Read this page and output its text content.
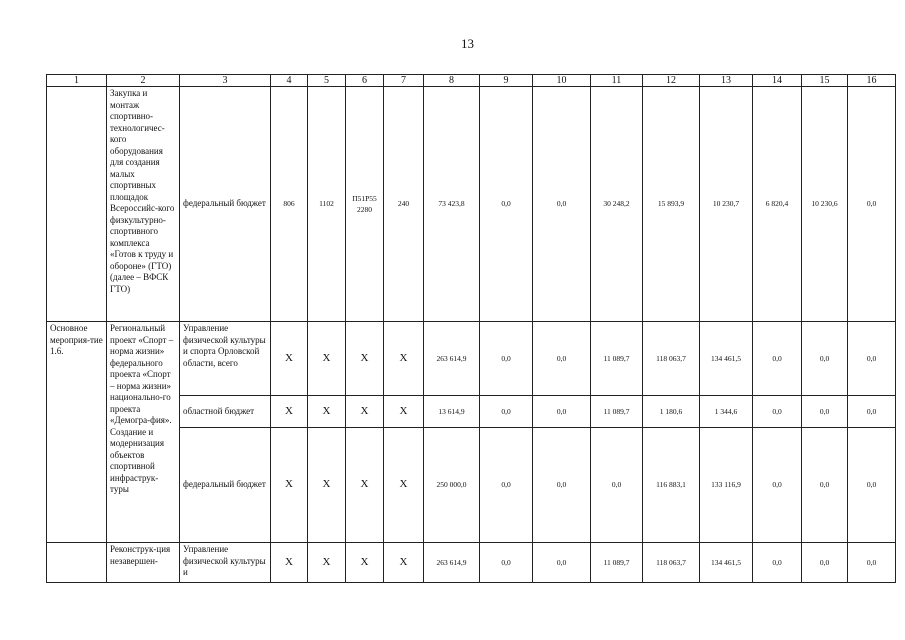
13
1	2	3	4	5	6	7	8	9	10	11	12	13	14	15	16
	Закупка и монтаж спортивно-технологичес-кого оборудования для создания малых спортивных площадок Всероссийс-кого физкультурно-спортивного комплекса «Готов к труду и обороне» (ГТО) (далее – ВФСК ГТО)	федеральный бюджет	806	1102	П51Р55 2280	240	73 423,8	0,0	0,0	30 248,2	15 893,9	10 230,7	6 820,4	10 230,6	0,0
Основное мероприя-тие 1.6.	Региональный проект «Спорт – норма жизни» федерального проекта «Спорт – норма жизни» национально-го проекта «Демогра-фия». Создание и модернизация объектов спортивной инфраструк-туры	Управление физической культуры и спорта Орловской области, всего	X	X	X	X	263 614,9	0,0	0,0	11 089,7	118 063,7	134 461,5	0,0	0,0	0,0
		областной бюджет	X	X	X	X	13 614,9	0,0	0,0	11 089,7	1 180,6	1 344,6	0,0	0,0	0,0
		федеральный бюджет	X	X	X	X	250 000,0	0,0	0,0	0,0	116 883,1	133 116,9	0,0	0,0	0,0
	Реконструк-ция незавершен-	Управление физической культуры и	X	X	X	X	263 614,9	0,0	0,0	11 089,7	118 063,7	134 461,5	0,0	0,0	0,0
